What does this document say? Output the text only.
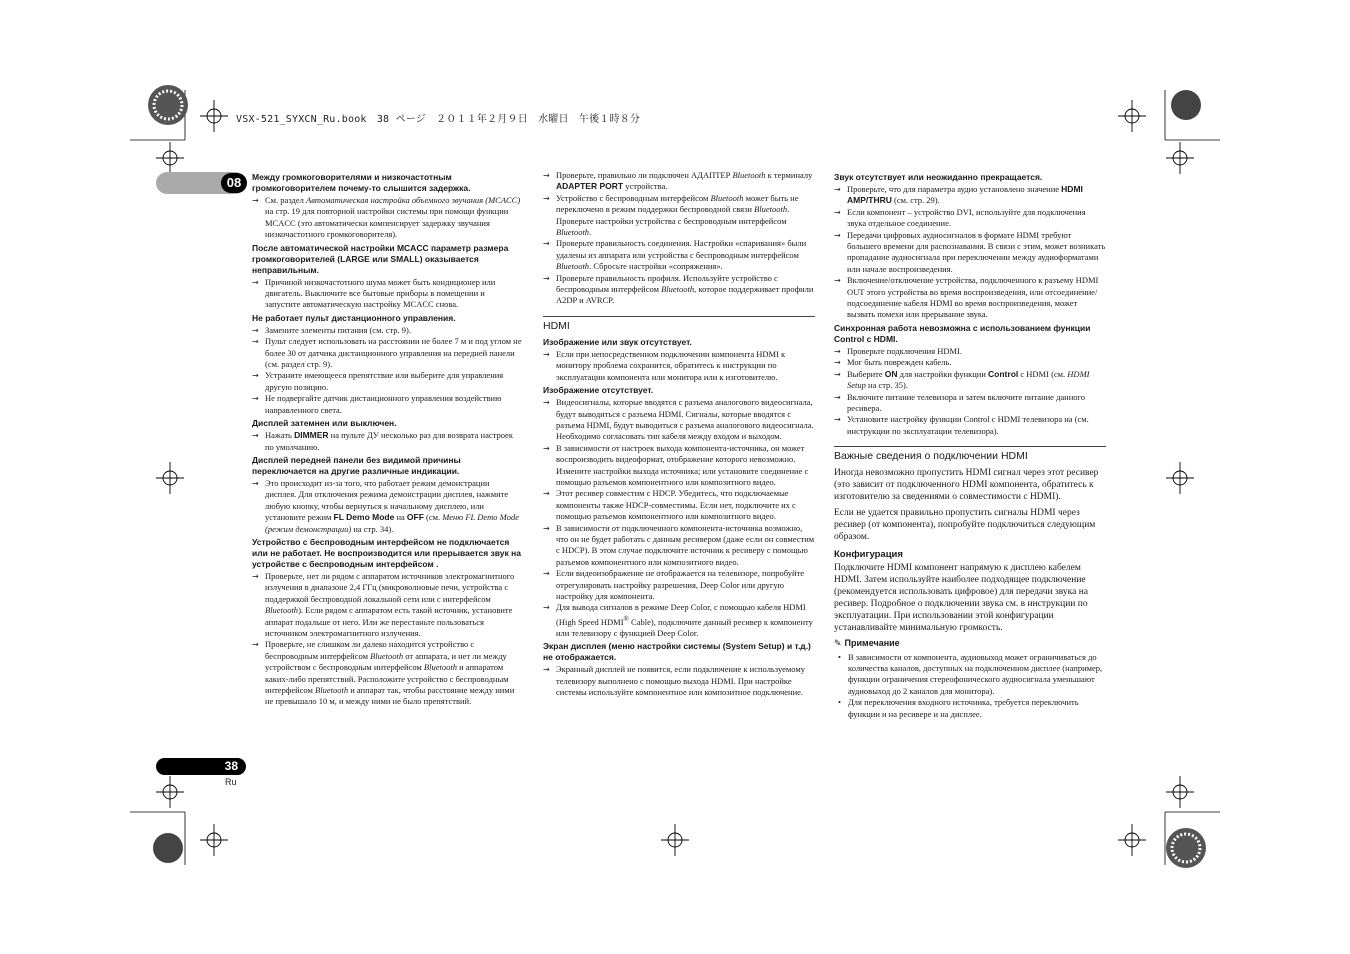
VSX-521_SYXCN_Ru.book　38 ページ　２０１１年２月９日　水曜日　午後１時８分
08	Между громкоговорителями и низкочастотным громкоговорителем почему-то слышится задержка.
→ См. раздел Автоматическая настройка объемного звучания (MCACC) на стр. 19 для повторной настройки системы при помощи функции MCACC (это автоматически компенсирует задержку звучания низкочастотного громкоговорителя).
После автоматической настройки MCACC параметр размера громкоговорителей (LARGE или SMALL) оказывается неправильным.
→ Причиной низкочастотного шума может быть кондиционер или двигатель. Выключите все бытовые приборы в помещении и запустите автоматическую настройку MCACC снова.
Не работает пульт дистанционного управления.
→ Замените элементы питания (см. стр. 9).
→ Пульт следует использовать на расстоянии не более 7 м и под углом не более 30 от датчика дистанционного управления на передней панели (см. раздел стр. 9).
→ Устраните имеющееся препятствие или выберите для управления другую позицию.
→ Не подвергайте датчик дистанционного управления воздействию направленного света.
Дисплей затемнен или выключен.
→ Нажать DIMMER на пульте ДУ несколько раз для возврата настроек по умолчанию.
Дисплей передней панели без видимой причины переключается на другие различные индикации.
→ Это происходит из-за того, что работает режим демонстрации дисплея. Для отключения режима демонстрации дисплея, нажмите любую кнопку, чтобы вернуться к начальному дисплею, или установите режим FL Demo Mode на OFF (см. Меню FL Demo Mode (режим демонстрации) на стр. 34).
Устройство с беспроводным интерфейсом не подключается или не работает. Не воспроизводится или прерывается звук на устройстве с беспроводным интерфейсом .
→ Проверьте, нет ли рядом с аппаратом источников электромагнитного излучения в диапазоне 2,4 ГГц (микроволновые печи, устройства с поддержкой беспроводной локальной сети или с интерфейсом Bluetooth). Если рядом с аппаратом есть такой источник, установите аппарат подальше от него. Или же перестаньте пользоваться источником электромагнитного излучения.
→ Проверьте, не слишком ли далеко находится устройство с беспроводным интерфейсом Bluetooth от аппарата, и нет ли между устройством с беспроводным интерфейсом Bluetooth и аппаратом каких-либо препятствий. Расположите устройство с беспроводным интерфейсом Bluetooth и аппарат так, чтобы расстояние между ними не превышало 10 м, и между ними не было препятствий.
→ Проверьте, правильно ли подключен АДАПТЕР Bluetooth к терминалу ADAPTER PORT устройства.
→ Устройство с беспроводным интерфейсом Bluetooth может быть не переключено в режим поддержки беспроводной связи Bluetooth. Проверьте настройки устройства с беспроводным интерфейсом Bluetooth.
→ Проверьте правильность соединения. Настройки «спаривания» были удалены из аппарата или устройства с беспроводным интерфейсом Bluetooth. Сбросьте настройки «сопряжения».
→ Проверьте правильность профиля. Используйте устройство с беспроводным интерфейсом Bluetooth, которое поддерживает профили A2DP и AVRCP.
HDMI
Изображение или звук отсутствует.
→ Если при непосредственном подключении компонента HDMI к монитору проблема сохранится, обратитесь к инструкции по эксплуатации компонента или монитора или к изготовителю.
Изображение отсутствует.
→ Видеосигналы, которые вводятся с разъема аналогового видеосигнала, будут выводиться с разъема HDMI. Сигналы, которые вводятся с разъема HDMI, будут выводиться с разъема аналогового видеосигнала. Необходимо согласовать тип кабеля между входом и выходом.
→ В зависимости от настроек выхода компонента-источника, он может воспроизводить видеоформат, отображение которого невозможно. Измените настройки выхода источника; или установите соединение с помощью разъемов компонентного или композитного видео.
→ Этот ресивер совместим с HDCP. Убедитесь, что подключаемые компоненты также HDCP-совместимы. Если нет, подключите их с помощью разъемов компонентного или композитного видео.
→ В зависимости от подключенного компонента-источника возможно, что он не будет работать с данным ресивером (даже если он совместим с HDCP). В этом случае подключите источник к ресиверу с помощью разъемов компонентного или композитного видео.
→ Если видеоизображение не отображается на телевизоре, попробуйте отрегулировать настройку разрешения, Deep Color или другую настройку для компонента.
→ Для вывода сигналов в режиме Deep Color, с помощью кабеля HDMI (High Speed HDMI® Cable), подключите данный ресивер к компоненту или телевизору с функцией Deep Color.
Экран дисплея (меню настройки системы (System Setup) и т.д.) не отображается.
→ Экранный дисплей не появится, если подключение к используемому телевизору выполнено с помощью выхода HDMI. При настройке системы используйте компонентное или композитное подключение.
Звук отсутствует или неожиданно прекращается.
→ Проверьте, что для параметра аудио установлено значение HDMI AMP/THRU (см. стр. 29).
→ Если компонент – устройство DVI, используйте для подключения звука отдельное соединение.
→ Передачи цифровых аудиосигналов в формате HDMI требуют большего времени для распознавания. В связи с этим, может возникать пропадание аудиосигнала при переключении между аудиоформатами или начале воспроизведения.
→ Включение/отключение устройства, подключенного к разъему HDMI OUT этого устройства во время воспроизведения, или отсоединение/подсоединение кабеля HDMI во время воспроизведения, может вызвать помехи или прерывание звука.
Синхронная работа невозможна с использованием функции Control с HDMI.
→ Проверьте подключения HDMI.
→ Мог быть поврежден кабель.
→ Выберите ON для настройки функции Control с HDMI (см. HDMI Setup на стр. 35).
→ Включите питание телевизора и затем включите питание данного ресивера.
→ Установите настройку функции Control с HDMI телевизора на (см. инструкции по эксплуатации телевизора).
Важные сведения о подключении HDMI
Иногда невозможно пропустить HDMI сигнал через этот ресивер (это зависит от подключенного HDMI компонента, обратитесь к изготовителю за сведениями о совместимости с HDMI).
Если не удается правильно пропустить сигналы HDMI через ресивер (от компонента), попробуйте подключиться следующим образом.
Конфигурация
Подключите HDMI компонент напрямую к дисплею кабелем HDMI. Затем используйте наиболее подходящее подключение (рекомендуется использовать цифровое) для передачи звука на ресивер. Подробное о подключении звука см. в инструкции по эксплуатации. При использовании этой конфигурации устанавливайте минимальную громкость.
✎ Примечание
• В зависимости от компонента, аудиовыход может ограничиваться до количества каналов, доступных на подключенном дисплее (например, функции ограничения стереофонического аудиосигнала уменьшают аудиовыход до 2 каналов для монитора).
• Для переключения входного источника, требуется переключить функции и на ресивере и на дисплее.
38
Ru
